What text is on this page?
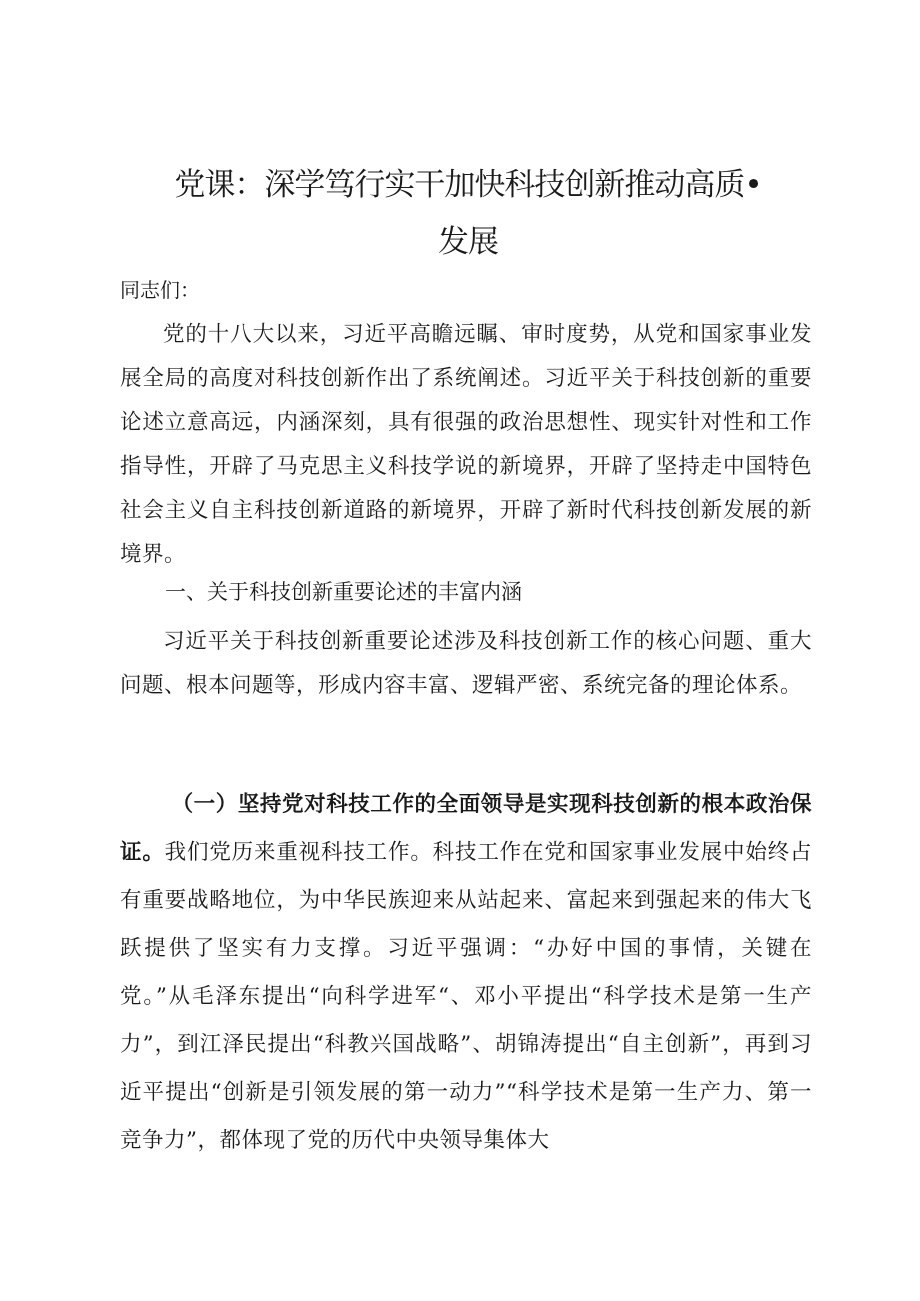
党课：深学笃行实干加快科技创新推动高质•
发展

同志们：

党的十八大以来，习近平高瞻远瞩、审时度势，从党和国家事业发展全局的高度对科技创新作出了系统阐述。习近平关于科技创新的重要论述立意高远，内涵深刻，具有很强的政治思想性、现实针对性和工作指导性，开辟了马克思主义科技学说的新境界，开辟了坚持走中国特色社会主义自主科技创新道路的新境界，开辟了新时代科技创新发展的新境界。

一、关于科技创新重要论述的丰富内涵

习近平关于科技创新重要论述涉及科技创新工作的核心问题、重大问题、根本问题等，形成内容丰富、逻辑严密、系统完备的理论体系。

（一）坚持党对科技工作的全面领导是实现科技创新的根本政治保证。我们党历来重视科技工作。科技工作在党和国家事业发展中始终占有重要战略地位，为中华民族迎来从站起来、富起来到强起来的伟大飞跃提供了坚实有力支撑。习近平强调：“办好中国的事情，关键在党。”从毛泽东提出“向科学进军“、邓小平提出“科学技术是第一生产力”，到江泽民提出“科教兴国战略”、胡锦涛提出“自主创新”，再到习近平提出“创新是引领发展的第一动力”“科学技术是第一生产力、第一竞争力”，都体现了党的历代中央领导集体大
